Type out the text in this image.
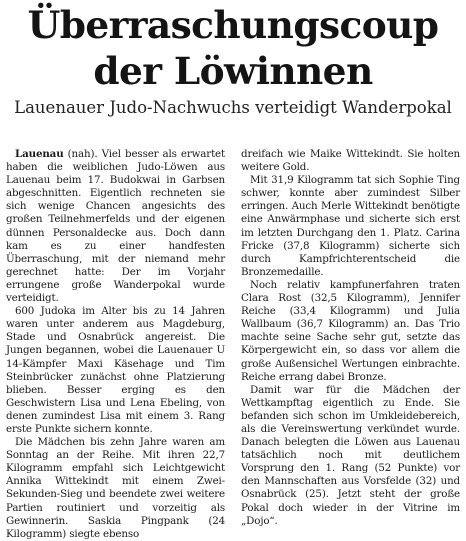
Überraschungscoup
der Löwinnen
Lauenauer Judo-Nachwuchs verteidigt Wanderpokal

Lauenau (nah). Viel besser als erwartet haben die weiblichen Judo-Löwen aus Lauenau beim 17. Budokwai in Garbsen abgeschnitten. Eigentlich rechneten sie sich wenige Chancen angesichts des großen Teilnehmerfelds und der eigenen dünnen Personaldecke aus. Doch dann kam es zu einer handfesten Überraschung, mit der niemand mehr gerechnet hatte: Der im Vorjahr errungene große Wanderpokal wurde verteidigt.

600 Judoka im Alter bis zu 14 Jahren waren unter anderem aus Magdeburg, Stade und Osnabrück angereist. Die Jungen begannen, wobei die Lauenauer U 14-Kämpfer Maxi Käsehage und Tim Steinbrücker zunächst ohne Platzierung blieben. Besser erging es den Geschwistern Lisa und Lena Ebeling, von denen zumindest Lisa mit einem 3. Rang erste Punkte sichern konnte.

Die Mädchen bis zehn Jahre waren am Sonntag an der Reihe. Mit ihren 22,7 Kilogramm empfahl sich Leichtgewicht Annika Wittekindt mit einem Zwei-Sekunden-Sieg und beendete zwei weitere Partien routiniert und vorzeitig als Gewinnerin. Saskia Pingpank (24 Kilogramm) siegte ebenso

dreifach wie Maike Wittekindt. Sie holten weitere Gold.

Mit 31,9 Kilogramm tat sich Sophie Ting schwer, konnte aber zumindest Silber erringen. Auch Merle Wittekindt benötigte eine Anwärmphase und sicherte sich erst im letzten Durchgang den 1. Platz. Carina Fricke (37,8 Kilogramm) sicherte sich durch Kampfrichterentscheid die Bronzemedaille.

Noch relativ kampfunerfahren traten Clara Rost (32,5 Kilogramm), Jennifer Reiche (33,4 Kilogramm) und Julia Wallbaum (36,7 Kilogramm) an. Das Trio machte seine Sache sehr gut, setzte das Körpergewicht ein, so dass vor allem die große Außensichel Wertungen einbrachte. Reiche errang dabei Bronze.

Damit war für die Mädchen der Wettkampftag eigentlich zu Ende. Sie befanden sich schon im Umkleidebereich, als die Vereinswertung verkündet wurde. Danach belegten die Löwen aus Lauenau tatsächlich noch mit deutlichem Vorsprung den 1. Rang (52 Punkte) vor den Mannschaften aus Vorsfelde (32) und Osnabrück (25). Jetzt steht der große Pokal doch wieder in der Vitrine im „Dojo“.
